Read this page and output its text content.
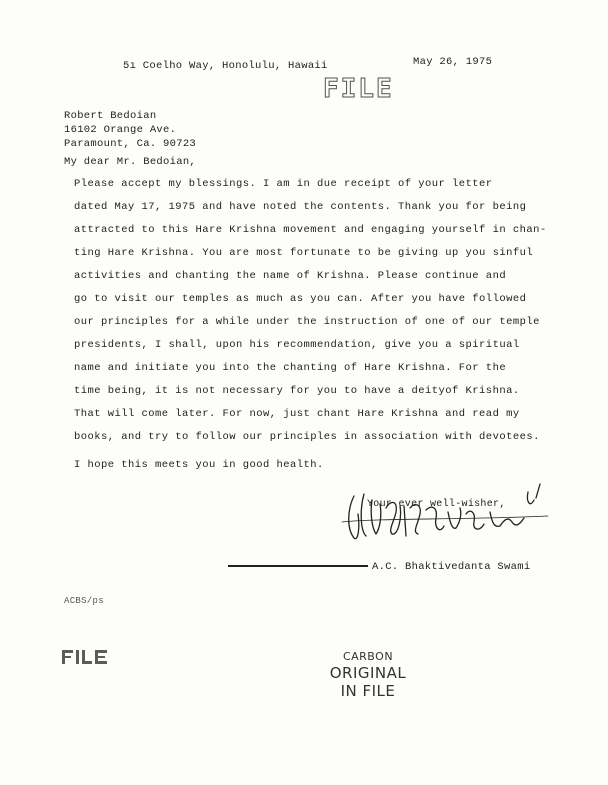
5ı Coelho Way, Honolulu, Hawaii	May 26, 1975
FILE
Robert Bedoian
16102 Orange Ave.
Paramount, Ca. 90723
My dear Mr. Bedoian,
Please accept my blessings. I am in due receipt of your letter
dated May 17, 1975 and have noted the contents. Thank you for being
attracted to this Hare Krishna movement and engaging yourself in chan-
ting Hare Krishna. You are most fortunate to be giving up you sinful
activities and chanting the name of Krishna. Please continue and
go to visit our temples as much as you can. After you have followed
our principles for a while under the instruction of one of our temple
presidents, I shall, upon his recommendation, give you a spiritual
name and initiate you into the chanting of Hare Krishna. For the
time being, it is not necessary for you to have a deityof Krishna.
That will come later. For now, just chant Hare Krishna and read my
books, and try to follow our principles in association with devotees.
I hope this meets you in good health.
Your ever well-wisher,
A.C. Bhaktivedanta Swami
ACBS/ps
CARBON
ORIGINAL
IN FILE
